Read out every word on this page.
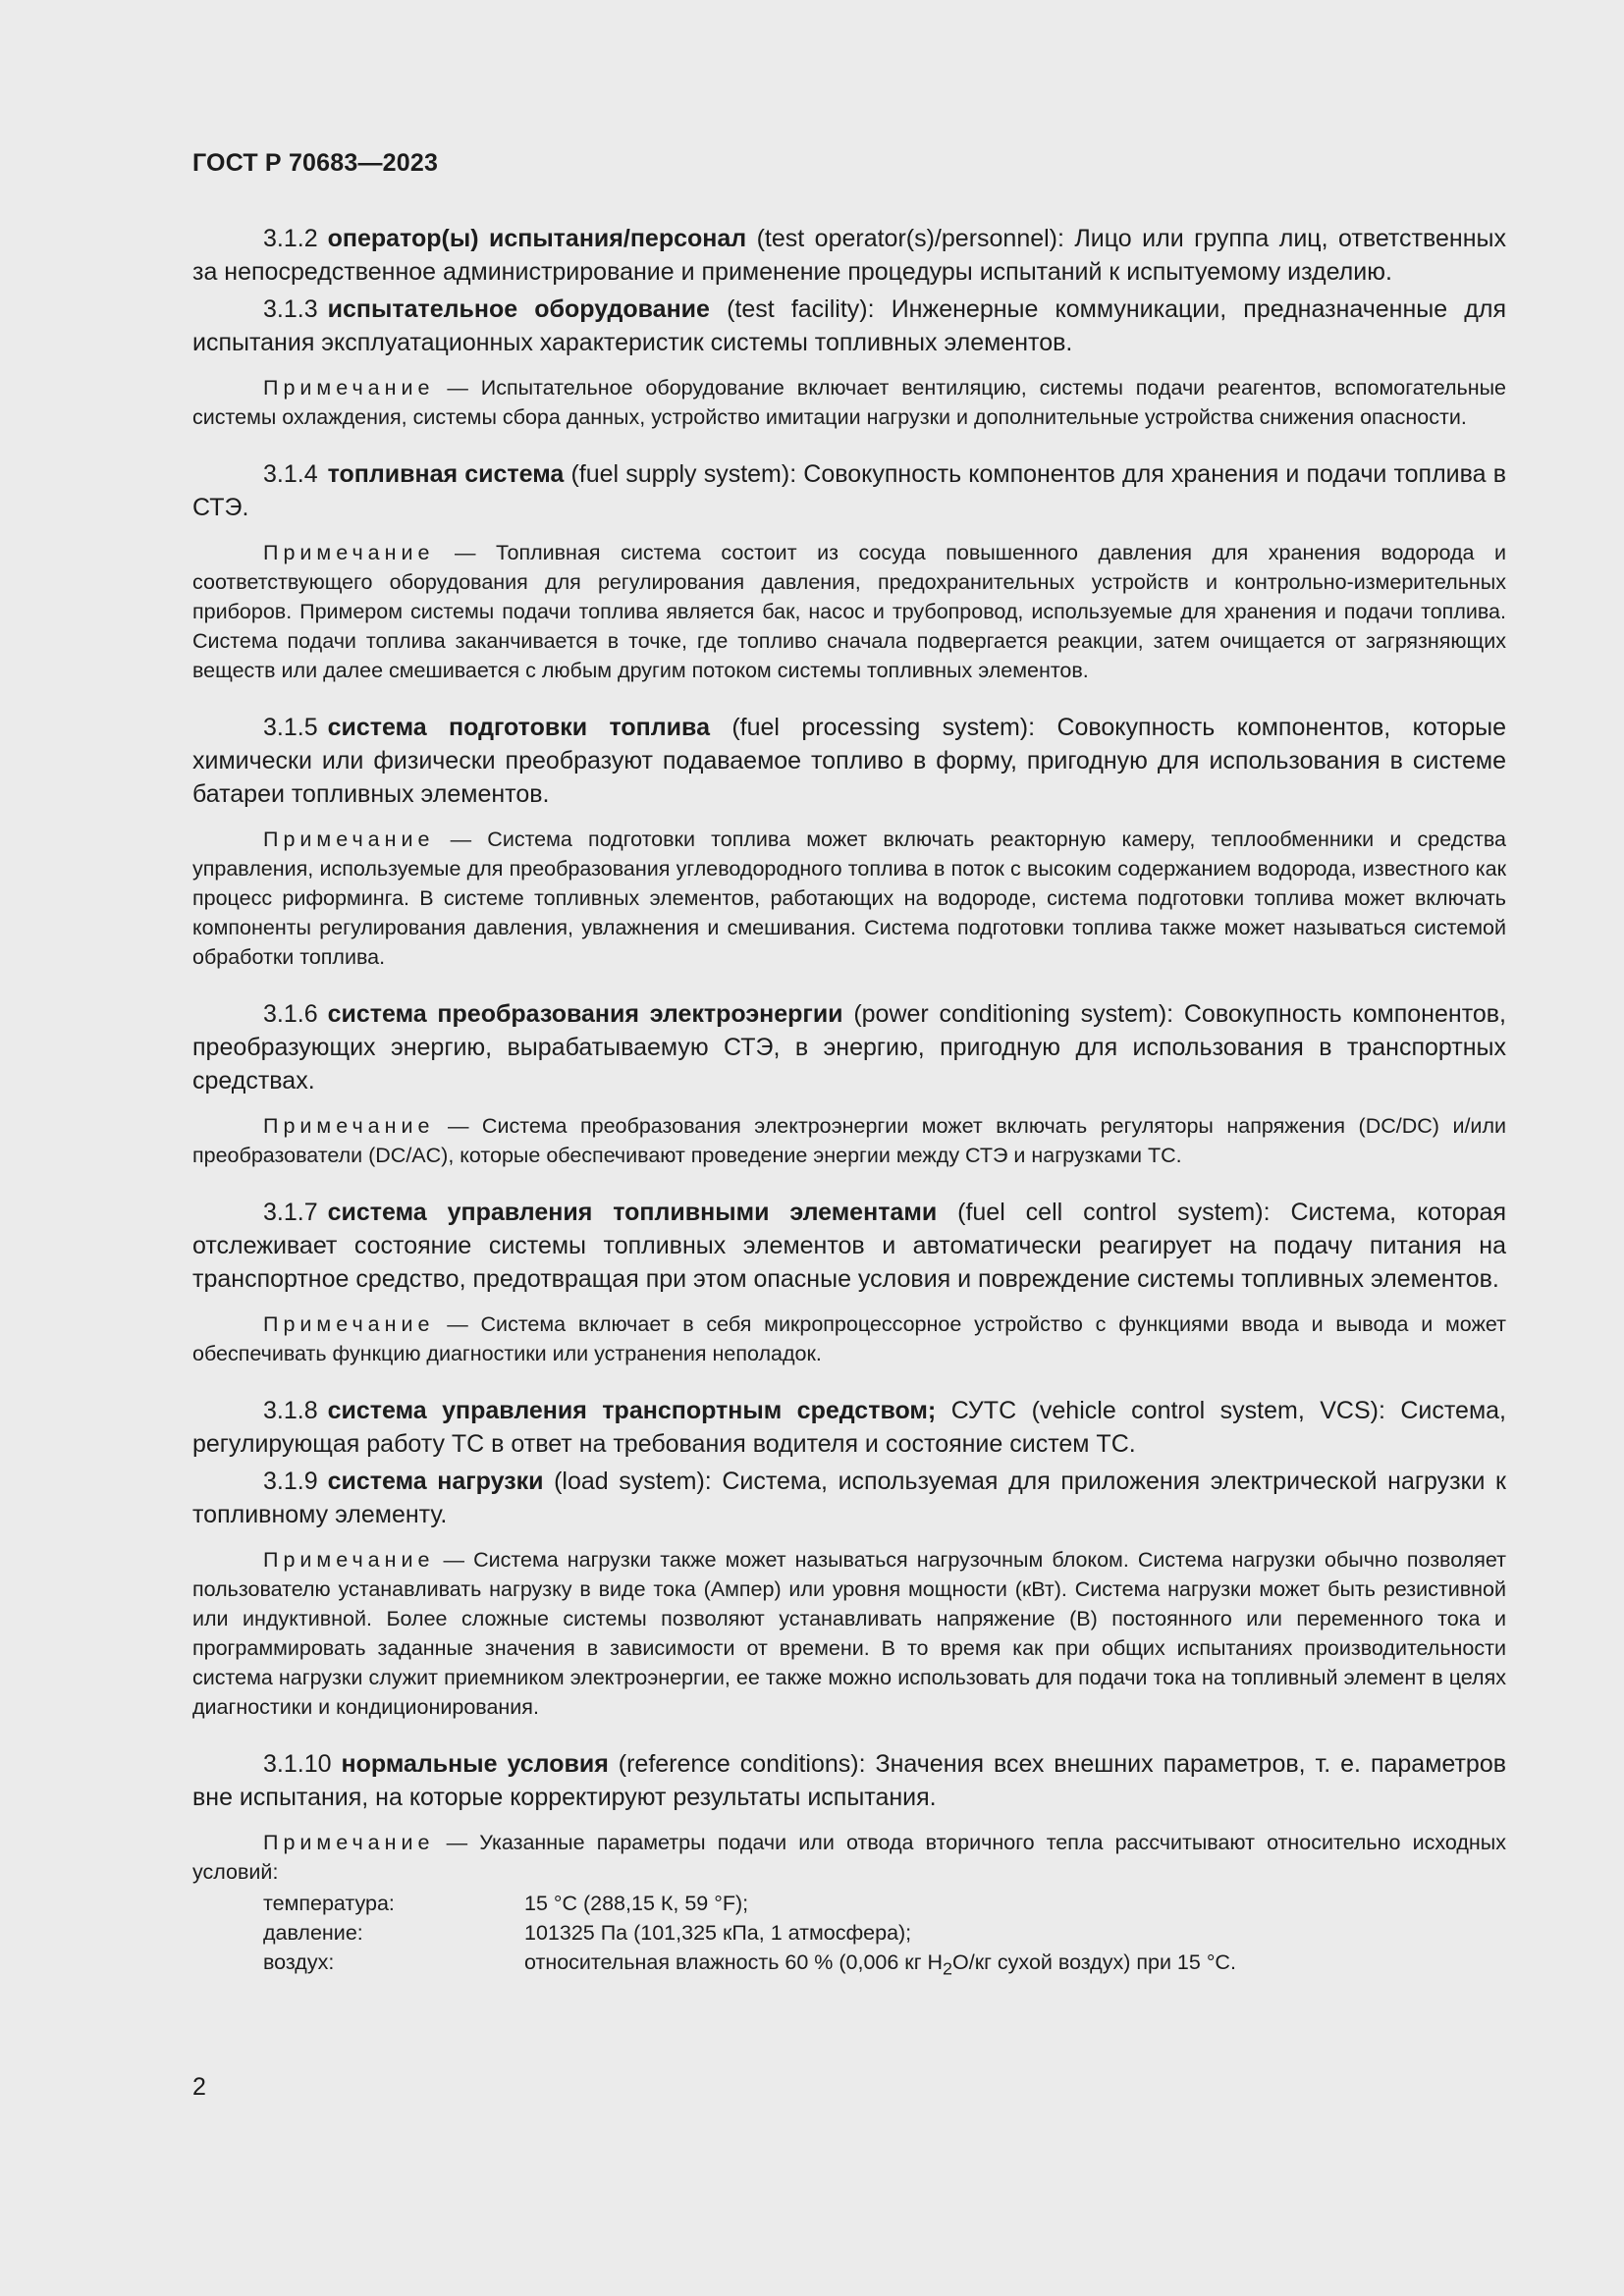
ГОСТ Р 70683—2023

3.1.2 оператор(ы) испытания/персонал (test operator(s)/personnel): Лицо или группа лиц, ответственных за непосредственное администрирование и применение процедуры испытаний к испытуемому изделию.

3.1.3 испытательное оборудование (test facility): Инженерные коммуникации, предназначенные для испытания эксплуатационных характеристик системы топливных элементов.

Примечание — Испытательное оборудование включает вентиляцию, системы подачи реагентов, вспомогательные системы охлаждения, системы сбора данных, устройство имитации нагрузки и дополнительные устройства снижения опасности.

3.1.4 топливная система (fuel supply system): Совокупность компонентов для хранения и подачи топлива в СТЭ.

Примечание — Топливная система состоит из сосуда повышенного давления для хранения водорода и соответствующего оборудования для регулирования давления, предохранительных устройств и контрольно-измерительных приборов. Примером системы подачи топлива является бак, насос и трубопровод, используемые для хранения и подачи топлива. Система подачи топлива заканчивается в точке, где топливо сначала подвергается реакции, затем очищается от загрязняющих веществ или далее смешивается с любым другим потоком системы топливных элементов.

3.1.5 система подготовки топлива (fuel processing system): Совокупность компонентов, которые химически или физически преобразуют подаваемое топливо в форму, пригодную для использования в системе батареи топливных элементов.

Примечание — Система подготовки топлива может включать реакторную камеру, теплообменники и средства управления, используемые для преобразования углеводородного топлива в поток с высоким содержанием водорода, известного как процесс риформинга. В системе топливных элементов, работающих на водороде, система подготовки топлива может включать компоненты регулирования давления, увлажнения и смешивания. Система подготовки топлива также может называться системой обработки топлива.

3.1.6 система преобразования электроэнергии (power conditioning system): Совокупность компонентов, преобразующих энергию, вырабатываемую СТЭ, в энергию, пригодную для использования в транспортных средствах.

Примечание — Система преобразования электроэнергии может включать регуляторы напряжения (DC/DC) и/или преобразователи (DC/AC), которые обеспечивают проведение энергии между СТЭ и нагрузками ТС.

3.1.7 система управления топливными элементами (fuel cell control system): Система, которая отслеживает состояние системы топливных элементов и автоматически реагирует на подачу питания на транспортное средство, предотвращая при этом опасные условия и повреждение системы топливных элементов.

Примечание — Система включает в себя микропроцессорное устройство с функциями ввода и вывода и может обеспечивать функцию диагностики или устранения неполадок.

3.1.8 система управления транспортным средством; СУТС (vehicle control system, VCS): Система, регулирующая работу ТС в ответ на требования водителя и состояние систем ТС.

3.1.9 система нагрузки (load system): Система, используемая для приложения электрической нагрузки к топливному элементу.

Примечание — Система нагрузки также может называться нагрузочным блоком. Система нагрузки обычно позволяет пользователю устанавливать нагрузку в виде тока (Ампер) или уровня мощности (кВт). Система нагрузки может быть резистивной или индуктивной. Более сложные системы позволяют устанавливать напряжение (В) постоянного или переменного тока и программировать заданные значения в зависимости от времени. В то время как при общих испытаниях производительности система нагрузки служит приемником электроэнергии, ее также можно использовать для подачи тока на топливный элемент в целях диагностики и кондиционирования.

3.1.10 нормальные условия (reference conditions): Значения всех внешних параметров, т. е. параметров вне испытания, на которые корректируют результаты испытания.

Примечание — Указанные параметры подачи или отвода вторичного тепла рассчитывают относительно исходных условий:

температура:	15 °C (288,15 К, 59 °F);
давление:	101325 Па (101,325 кПа, 1 атмосфера);
воздух:	относительная влажность 60 % (0,006 кг $H_2O/кг$ сухой воздух) при 15 °C.
2
